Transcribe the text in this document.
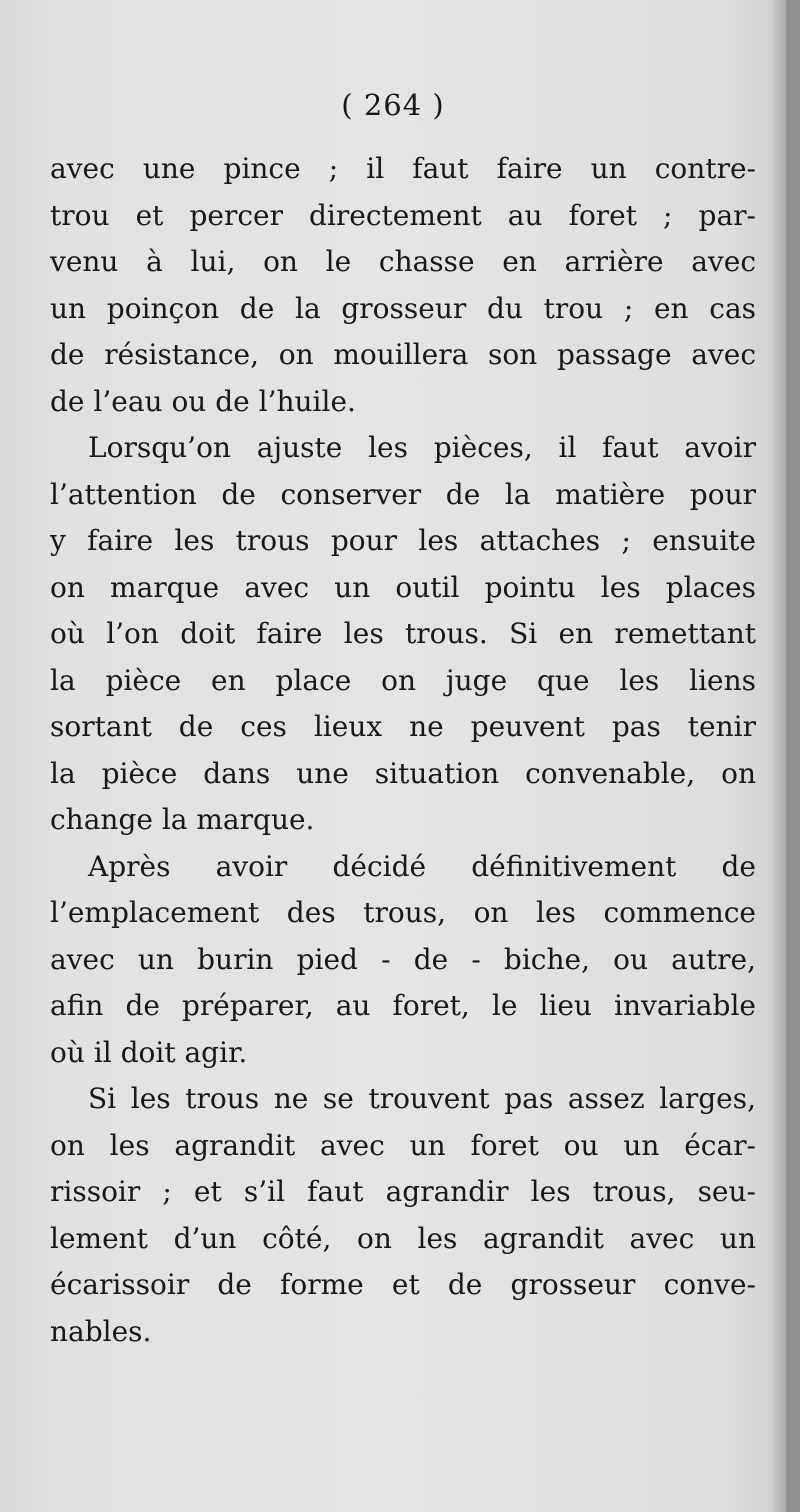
( 264 )
avec une pince ; il faut faire un contre-
trou et percer directement au foret ; par-
venu à lui, on le chasse en arrière avec
un poinçon de la grosseur du trou ; en cas
de résistance, on mouillera son passage avec
de l’eau ou de l’huile.
Lorsqu’on ajuste les pièces, il faut avoir
l’attention de conserver de la matière pour
y faire les trous pour les attaches ; ensuite
on marque avec un outil pointu les places
où l’on doit faire les trous. Si en remettant
la pièce en place on juge que les liens
sortant de ces lieux ne peuvent pas tenir
la pièce dans une situation convenable, on
change la marque.
Après avoir décidé définitivement de
l’emplacement des trous, on les commence
avec un burin pied - de - biche, ou autre,
afin de préparer, au foret, le lieu invariable
où il doit agir.
Si les trous ne se trouvent pas assez larges,
on les agrandit avec un foret ou un écar-
rissoir ; et s’il faut agrandir les trous, seu-
lement d’un côté, on les agrandit avec un
écarissoir de forme et de grosseur conve-
nables.
